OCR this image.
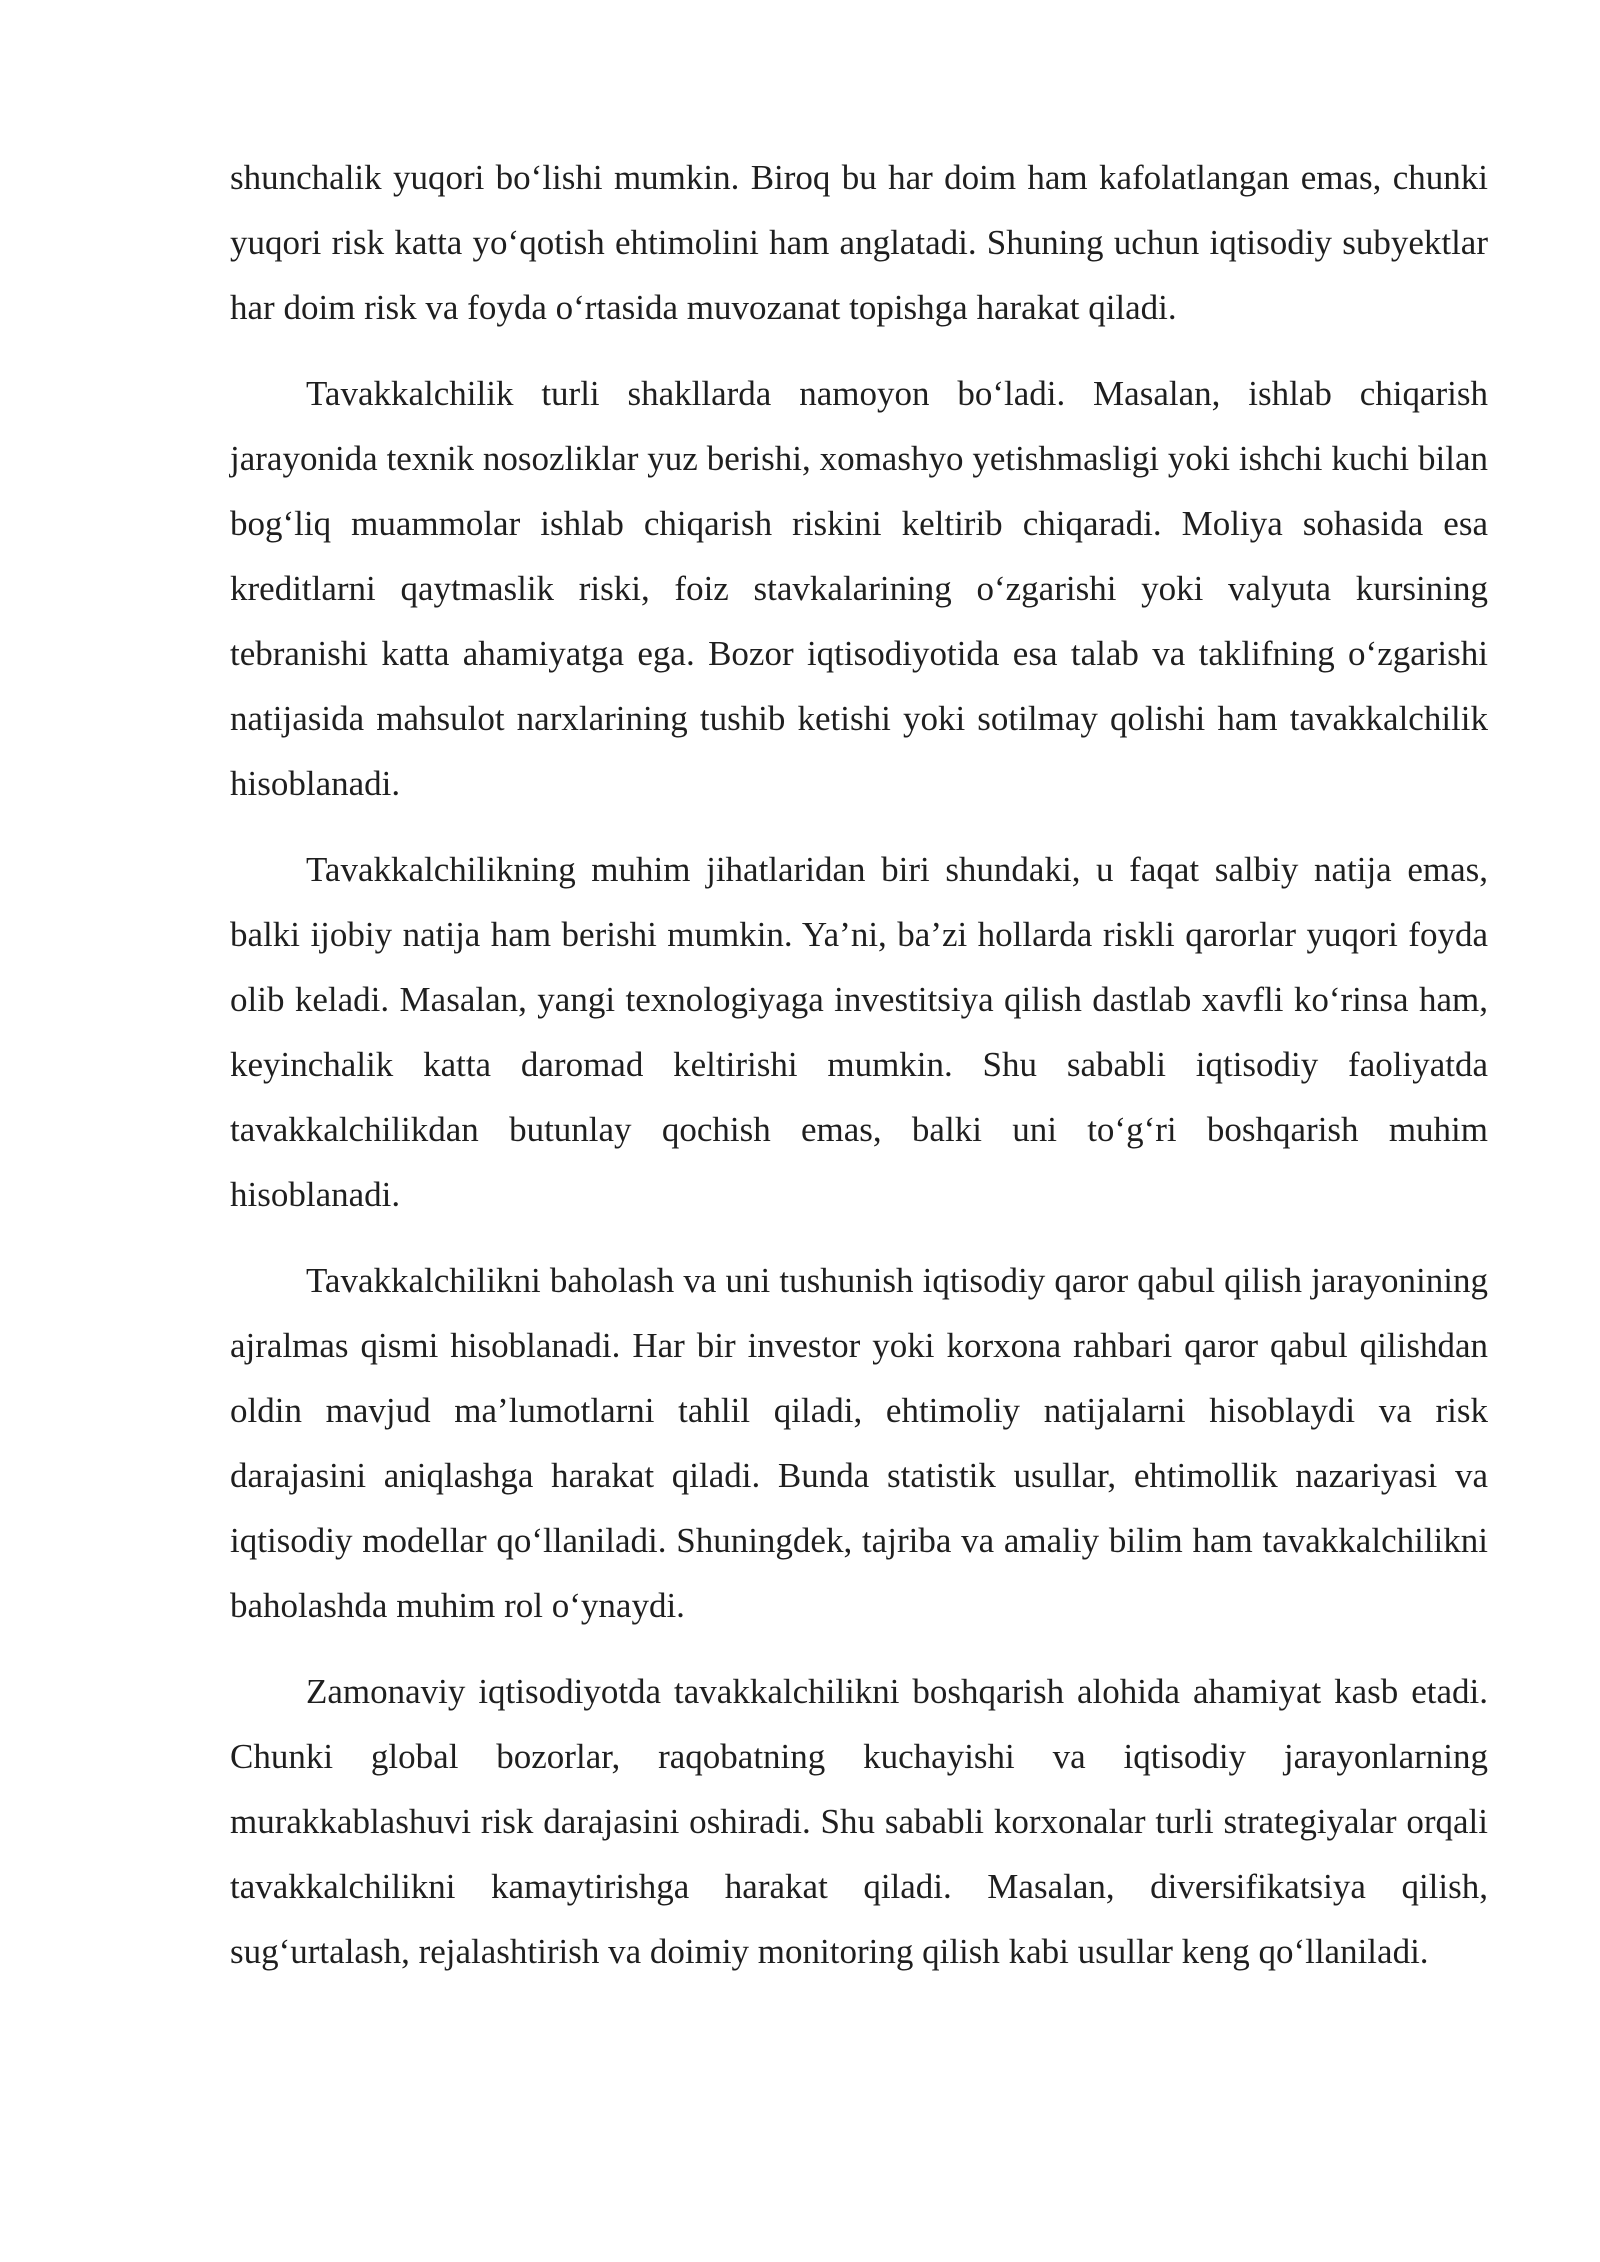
shunchalik yuqori bo‘lishi mumkin. Biroq bu har doim ham kafolatlangan emas, chunki yuqori risk katta yo‘qotish ehtimolini ham anglatadi. Shuning uchun iqtisodiy subyektlar har doim risk va foyda o‘rtasida muvozanat topishga harakat qiladi.

Tavakkalchilik turli shakllarda namoyon bo‘ladi. Masalan, ishlab chiqarish jarayonida texnik nosozliklar yuz berishi, xomashyo yetishmasligi yoki ishchi kuchi bilan bog‘liq muammolar ishlab chiqarish riskini keltirib chiqaradi. Moliya sohasida esa kreditlarni qaytmaslik riski, foiz stavkalarining o‘zgarishi yoki valyuta kursining tebranishi katta ahamiyatga ega. Bozor iqtisodiyotida esa talab va taklifning o‘zgarishi natijasida mahsulot narxlarining tushib ketishi yoki sotilmay qolishi ham tavakkalchilik hisoblanadi.

Tavakkalchilikning muhim jihatlaridan biri shundaki, u faqat salbiy natija emas, balki ijobiy natija ham berishi mumkin. Ya’ni, ba’zi hollarda riskli qarorlar yuqori foyda olib keladi. Masalan, yangi texnologiyaga investitsiya qilish dastlab xavfli ko‘rinsa ham, keyinchalik katta daromad keltirishi mumkin. Shu sababli iqtisodiy faoliyatda tavakkalchilikdan butunlay qochish emas, balki uni to‘g‘ri boshqarish muhim hisoblanadi.

Tavakkalchilikni baholash va uni tushunish iqtisodiy qaror qabul qilish jarayonining ajralmas qismi hisoblanadi. Har bir investor yoki korxona rahbari qaror qabul qilishdan oldin mavjud ma’lumotlarni tahlil qiladi, ehtimoliy natijalarni hisoblaydi va risk darajasini aniqlashga harakat qiladi. Bunda statistik usullar, ehtimollik nazariyasi va iqtisodiy modellar qo‘llaniladi. Shuningdek, tajriba va amaliy bilim ham tavakkalchilikni baholashda muhim rol o‘ynaydi.

Zamonaviy iqtisodiyotda tavakkalchilikni boshqarish alohida ahamiyat kasb etadi. Chunki global bozorlar, raqobatning kuchayishi va iqtisodiy jarayonlarning murakkablashuvi risk darajasini oshiradi. Shu sababli korxonalar turli strategiyalar orqali tavakkalchilikni kamaytirishga harakat qiladi. Masalan, diversifikatsiya qilish, sug‘urtalash, rejalashtirish va doimiy monitoring qilish kabi usullar keng qo‘llaniladi.
